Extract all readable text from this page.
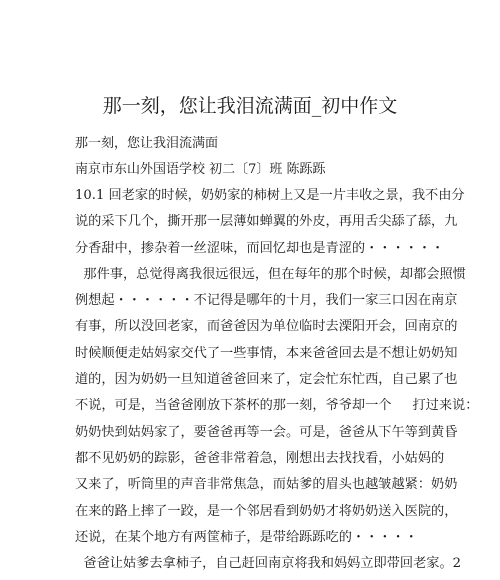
那一刻，您让我泪流满面_初中作文
那一刻，您让我泪流满面
南京市东山外国语学校 初二〔7〕班 陈跞跞
10.1 回老家的时候，奶奶家的柿树上又是一片丰收之景，我不由分
说的采下几个，撕开那一层薄如蝉翼的外皮，再用舌尖舔了舔，九
分香甜中，掺杂着一丝涩味，而回忆却也是青涩的・・・・・・
那件事，总觉得离我很远很远，但在每年的那个时候，却都会照惯
例想起・・・・・・不记得是哪年的十月，我们一家三口因在南京
有事，所以没回老家，而爸爸因为单位临时去溧阳开会，回南京的
时候顺便走姑妈家交代了一些事情，本来爸爸回去是不想让奶奶知
道的，因为奶奶一旦知道爸爸回来了，定会忙东忙西，自己累了也
不说，可是，当爸爸刚放下茶杯的那一刻，爷爷却一个     打过来说：
奶奶快到姑妈家了，要爸爸再等一会。可是，爸爸从下午等到黄昏
都不见奶奶的踪影，爸爸非常着急，刚想出去找找看，小姑妈的
又来了，听筒里的声音非常焦急，而姑爹的眉头也越皱越紧：奶奶
在来的路上摔了一跤，是一个邻居看到奶奶才将奶奶送入医院的，
还说，在某个地方有两筐柿子，是带给跞跞吃的・・・・・
爸爸让姑爹去拿柿子，自己赶回南京将我和妈妈立即带回老家。2
